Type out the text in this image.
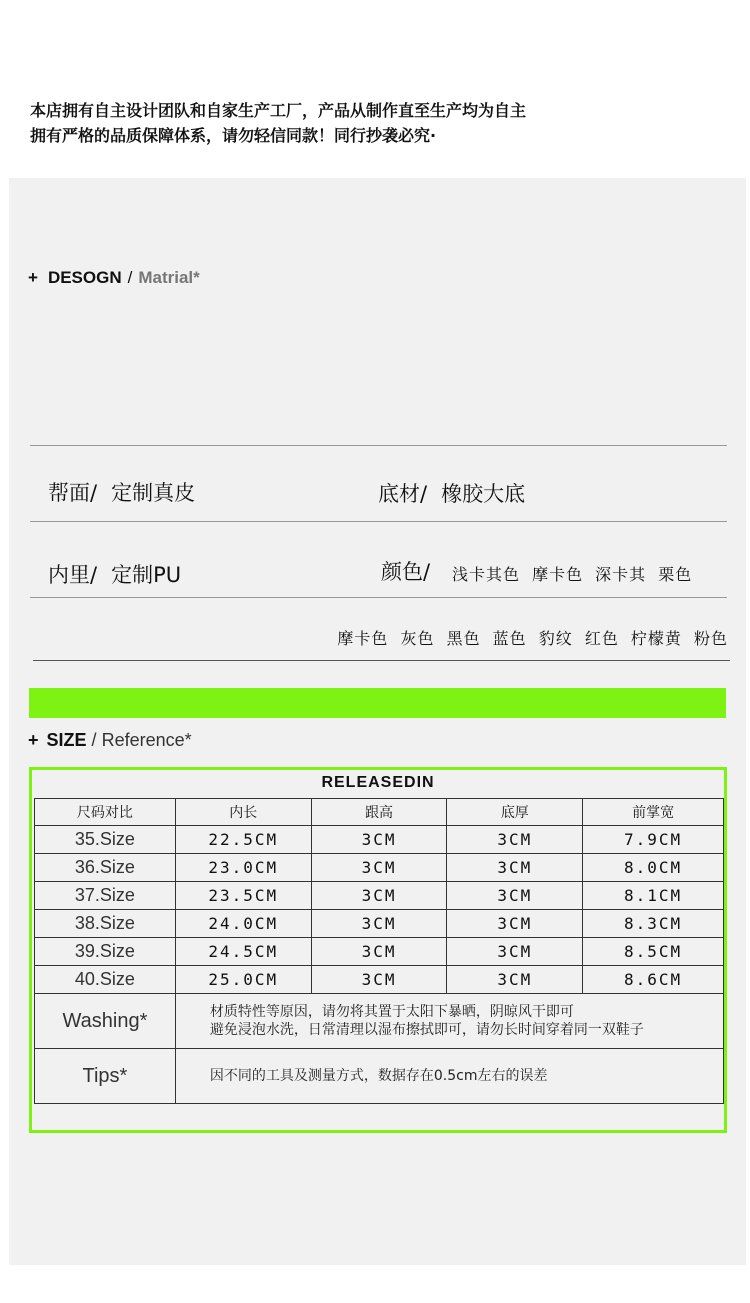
本店拥有自主设计团队和自家生产工厂，产品从制作直至生产均为自主
拥有严格的品质保障体系，请勿轻信同款！同行抄袭必究·
+ DESOGN / Matrial*
帮面/ 定制真皮	底材/ 橡胶大底
内里/ 定制PU	颜色/ 浅卡其色 摩卡色 深卡其 栗色
摩卡色 灰色 黑色 蓝色 豹纹 红色 柠檬黄 粉色
+ SIZE / Reference*
RELEASEDIN
尺码对比	内长	跟高	底厚	前掌宽
35.Size	22.5CM	3CM	3CM	7.9CM
36.Size	23.0CM	3CM	3CM	8.0CM
37.Size	23.5CM	3CM	3CM	8.1CM
38.Size	24.0CM	3CM	3CM	8.3CM
39.Size	24.5CM	3CM	3CM	8.5CM
40.Size	25.0CM	3CM	3CM	8.6CM
Washing*	材质特性等原因，请勿将其置于太阳下暴晒，阴晾风干即可
避免浸泡水洗，日常清理以湿布擦拭即可，请勿长时间穿着同一双鞋子			

Tips*	因不同的工具及测量方式，数据存在0.5cm左右的误差			
